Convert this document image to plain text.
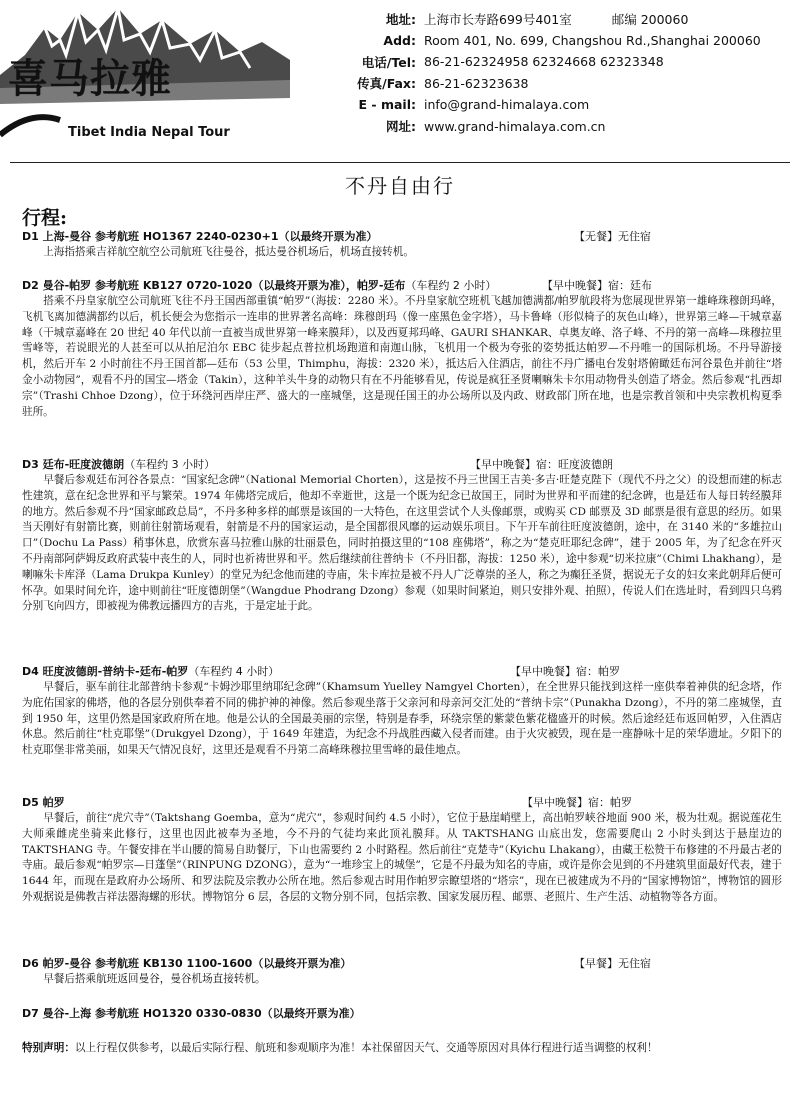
喜马拉雅
Tibet India Nepal Tour
地址: 上海市长寿路699号401室	邮编 200060
Add: Room 401, No. 699, Changshou Rd.,Shanghai 200060
电话/Tel: 86-21-62324958 62324668 62323348
传真/Fax: 86-21-62323638
E - mail: info@grand-himalaya.com
网址: www.grand-himalaya.com.cn
不丹自由行
行程:
D1 上海-曼谷 参考航班 HO1367 2240-0230+1（以最终开票为准）	【无餐】无住宿

上海指搭乘吉祥航空航空公司航班飞往曼谷，抵达曼谷机场后，机场直接转机。

D2 曼谷-帕罗 参考航班 KB127 0720-1020（以最终开票为准），帕罗-廷布（车程约 2 小时）	【早中晚餐】宿：廷布

搭乘不丹皇家航空公司航班飞往不丹王国西部重镇“帕罗”（海拔：2280 米）。不丹皇家航空班机飞越加德满都/帕罗航段将为您展现世界第一雄峰珠穆朗玛峰，飞机飞离加德满都约以后，机长便会为您指示一连串的世界著名高峰：珠穆朗玛（像一座黑色金字塔），马卡鲁峰（形似椅子的灰色山峰），世界第三峰—干城章嘉峰（干城章嘉峰在 20 世纪 40 年代以前一直被当成世界第一峰来膜拜），以及西夏邦玛峰、GAURI SHANKAR、卓奥友峰、洛子峰、不丹的第一高峰—珠穆拉里雪峰等，若说眼光的人甚至可以从拍尼泊尔 EBC 徒步起点普拉机场跑道和南迦山脉，飞机用一个极为夸张的姿势抵达帕罗—不丹唯一的国际机场。不丹导游接机，然后开车 2 小时前往不丹王国首都—廷布（53 公里，Thimphu，海拔：2320 米），抵达后入住酒店，前往不丹广播电台发射塔俯瞰廷布河谷景色并前往“塔金小动物园”，观看不丹的国宝—塔金（Takin），这种羊头牛身的动物只有在不丹能够看见，传说是疯狂圣贤喇嘛朱卡尔用动物骨头创造了塔金。然后参观“扎西却宗”（Trashi Chhoe Dzong），位于环绕河西岸庄严、盛大的一座城堡，这是现任国王的办公场所以及内政、财政部门所在地，也是宗教首领和中央宗教机构夏季驻所。

D3 廷布-旺度波德朗（车程约 3 小时）	【早中晚餐】宿：旺度波德朗

早餐后参观廷布河谷各景点：“国家纪念碑”（National Memorial Chorten），这是按不丹三世国王吉美·多吉·旺楚克陛下（现代不丹之父）的设想而建的标志性建筑，意在纪念世界和平与繁荣。1974 年佛塔完成后，他却不幸逝世，这是一个既为纪念已故国王，同时为世界和平而建的纪念碑，也是廷布人每日转经膜拜的地方。然后参观不丹“国家邮政总局”，不丹多种多样的邮票是该国的一大特色，在这里尝试个人头像邮票，或购买 CD 邮票及 3D 邮票是很有意思的经历。如果当天刚好有射箭比赛，则前往射箭场观看，射箭是不丹的国家运动，是全国都很风靡的运动娱乐项目。下午开车前往旺度波德朗，途中，在 3140 米的“多雄拉山口”（Dochu La Pass）稍事休息，欣赏东喜马拉雅山脉的壮丽景色，同时拍摄这里的“108 座佛塔”，称之为“楚克旺耶纪念碑”，建于 2005 年，为了纪念在歼灭不丹南部阿萨姆反政府武装中丧生的人，同时也祈祷世界和平。然后继续前往普纳卡（不丹旧都，海拔：1250 米），途中参观“切米拉康”（Chimi Lhakhang），是喇嘛朱卡库泽（Lama Drukpa Kunley）的堂兄为纪念他而建的寺庙，朱卡库拉是被不丹人广泛尊崇的圣人，称之为癫狂圣贤，据说无子女的妇女来此朝拜后便可怀孕。如果时间允许，途中则前往“旺度德朗堡”（Wangdue Phodrang Dzong）参观（如果时间紧迫，则只安排外观、拍照），传说人们在选址时，看到四只乌鸦分别飞向四方，即被视为佛教远播四方的吉兆，于是定址于此。

D4 旺度波德朗-普纳卡-廷布-帕罗（车程约 4 小时）	【早中晚餐】宿：帕罗

早餐后，驱车前往北部普纳卡参观“卡姆沙耶里纳耶纪念碑”（Khamsum Yuelley Namgyel Chorten），在全世界只能找到这样一座供奉着神供的纪念塔，作为庇佑国家的佛塔，他的各层分别供奉着不同的佛护神的神像。然后参观坐落于父亲河和母亲河交汇处的“普纳卡宗”（Punakha Dzong），不丹的第二座城堡，直到 1950 年，这里仍然是国家政府所在地。他是公认的全国最美丽的宗堡，特别是春季，环绕宗堡的紫蒙色紫花楹盛开的时候。然后途经廷布返回帕罗，入住酒店休息。然后前往“杜克耶堡”（Drukgyel Dzong），于 1649 年建造，为纪念不丹战胜西藏入侵者而建。由于火灾被毁，现在是一座静咏十足的荣华遗址。夕阳下的杜克耶堡非常美丽，如果天气情况良好，这里还是观看不丹第二高峰珠穆拉里雪峰的最佳地点。

D5 帕罗	【早中晚餐】宿：帕罗

早餐后，前往“虎穴寺”（Taktshang Goemba，意为“虎穴”，参观时间约 4.5 小时），它位于悬崖峭壁上，高出帕罗峡谷地面 900 米，极为壮观。据说莲花生大师乘雌虎坐骑来此修行，这里也因此被奉为圣地，今不丹的气徒均来此顶礼膜拜。从 TAKTSHANG 山底出发，您需要爬山 2 小时头到达于悬崖边的 TAKTSHANG 寺。午餐安排在半山腰的简易自助餐厅，下山也需要约 2 小时路程。然后前往“克楚寺”（Kyichu Lhakang），由藏王松赞干布修建的不丹最古老的寺庙。最后参观“帕罗宗—日蓬堡”（RINPUNG DZONG），意为“一堆珍宝上的城堡”，它是不丹最为知名的寺庙，或许是你会见到的不丹建筑里面最好代表，建于 1644 年，而现在是政府办公场所、和罗法院及宗教办公所在地。然后参观古时用作帕罗宗瞭望塔的“塔宗”，现在已被建成为不丹的“国家博物馆”，博物馆的圆形外观据说是佛教吉祥法器海螺的形状。博物馆分 6 层，各层的文物分别不同，包括宗教、国家发展历程、邮票、老照片、生产生活、动植物等各方面。

D6 帕罗-曼谷 参考航班 KB130 1100-1600（以最终开票为准）	【早餐】无住宿

早餐后搭乘航班返回曼谷，曼谷机场直接转机。

D7 曼谷-上海 参考航班 HO1320 0330-0830（以最终开票为准）
特别声明：以上行程仅供参考，以最后实际行程、航班和参观顺序为准！本社保留因天气、交通等原因对具体行程进行适当调整的权利！
